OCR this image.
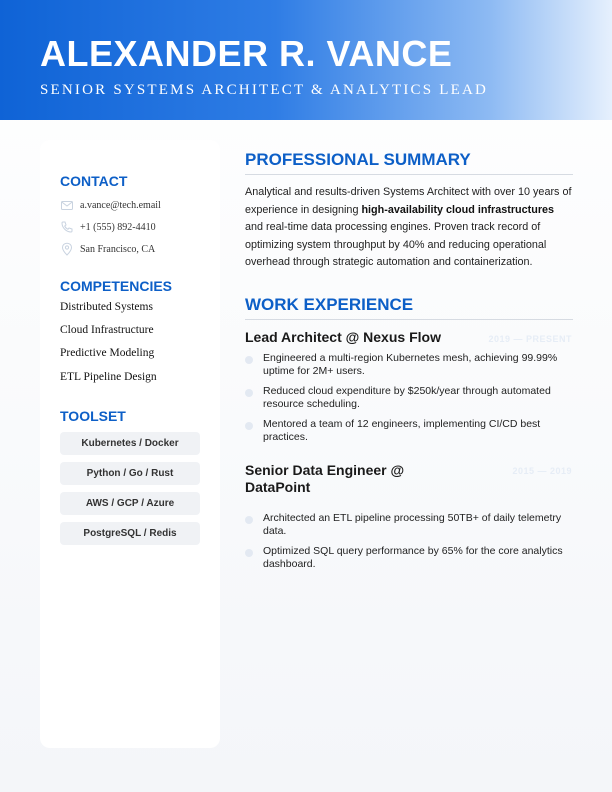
ALEXANDER R. VANCE
SENIOR SYSTEMS ARCHITECT & ANALYTICS LEAD
CONTACT
a.vance@tech.email
+1 (555) 892-4410
San Francisco, CA
COMPETENCIES
Distributed Systems
Cloud Infrastructure
Predictive Modeling
ETL Pipeline Design
TOOLSET
Kubernetes / Docker
Python / Go / Rust
AWS / GCP / Azure
PostgreSQL / Redis
PROFESSIONAL SUMMARY
Analytical and results-driven Systems Architect with over 10 years of experience in designing high-availability cloud infrastructures and real-time data processing engines. Proven track record of optimizing system throughput by 40% and reducing operational overhead through strategic automation and containerization.
WORK EXPERIENCE
Lead Architect @ Nexus Flow	2019 — PRESENT
Engineered a multi-region Kubernetes mesh, achieving 99.99% uptime for 2M+ users.
Reduced cloud expenditure by $250k/year through automated resource scheduling.
Mentored a team of 12 engineers, implementing CI/CD best practices.
Senior Data Engineer @ DataPoint
2015 — 2019
Architected an ETL pipeline processing 50TB+ of daily telemetry data.
Optimized SQL query performance by 65% for the core analytics dashboard.
